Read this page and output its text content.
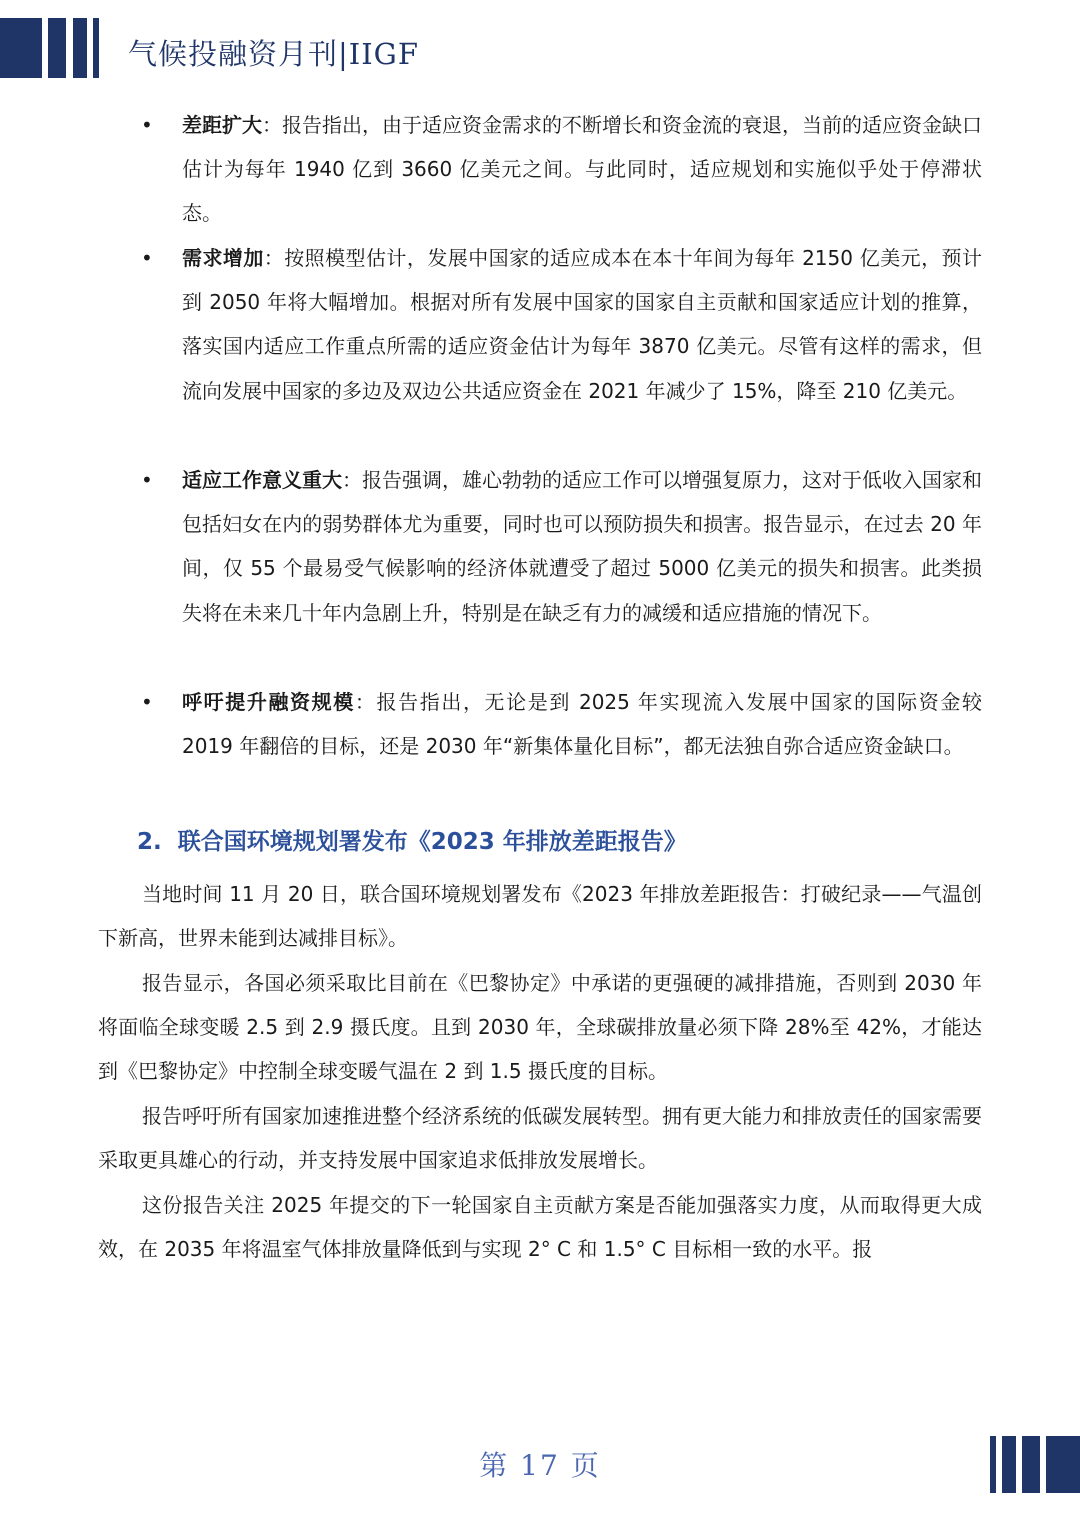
气候投融资月刊|IIGF
• 差距扩大：报告指出，由于适应资金需求的不断增长和资金流的衰退，当前的适应资金缺口估计为每年 1940 亿到 3660 亿美元之间。与此同时，适应规划和实施似乎处于停滞状态。
• 需求增加：按照模型估计，发展中国家的适应成本在本十年间为每年 2150 亿美元，预计到 2050 年将大幅增加。根据对所有发展中国家的国家自主贡献和国家适应计划的推算，落实国内适应工作重点所需的适应资金估计为每年 3870 亿美元。尽管有这样的需求，但流向发展中国家的多边及双边公共适应资金在 2021 年减少了 15%，降至 210 亿美元。
• 适应工作意义重大：报告强调，雄心勃勃的适应工作可以增强复原力，这对于低收入国家和包括妇女在内的弱势群体尤为重要，同时也可以预防损失和损害。报告显示，在过去 20 年间，仅 55 个最易受气候影响的经济体就遭受了超过 5000 亿美元的损失和损害。此类损失将在未来几十年内急剧上升，特别是在缺乏有力的减缓和适应措施的情况下。
• 呼吁提升融资规模：报告指出，无论是到 2025 年实现流入发展中国家的国际资金较 2019 年翻倍的目标，还是 2030 年“新集体量化目标”，都无法独自弥合适应资金缺口。
2. 联合国环境规划署发布《2023 年排放差距报告》
当地时间 11 月 20 日，联合国环境规划署发布《2023 年排放差距报告：打破纪录——气温创下新高，世界未能到达减排目标》。
报告显示，各国必须采取比目前在《巴黎协定》中承诺的更强硬的减排措施，否则到 2030 年将面临全球变暖 2.5 到 2.9 摄氏度。且到 2030 年，全球碳排放量必须下降 28%至 42%，才能达到《巴黎协定》中控制全球变暖气温在 2 到 1.5 摄氏度的目标。
报告呼吁所有国家加速推进整个经济系统的低碳发展转型。拥有更大能力和排放责任的国家需要采取更具雄心的行动，并支持发展中国家追求低排放发展增长。
这份报告关注 2025 年提交的下一轮国家自主贡献方案是否能加强落实力度，从而取得更大成效，在 2035 年将温室气体排放量降低到与实现 2° C 和 1.5° C 目标相一致的水平。报
第 17 页
